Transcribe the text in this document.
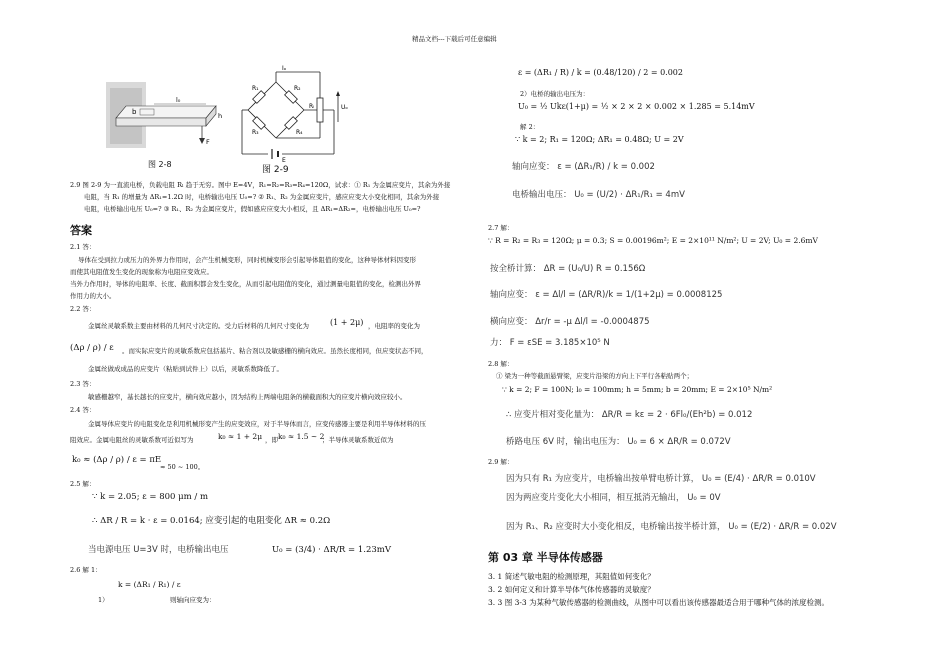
精品文档---下载后可任意编辑
b
l₀
h
F
图 2-8
Iₒ
R₁	R₂
R₃	R₄
Rₗ	Uₒ
E
图 2-9
2.9 图 2-9 为一直流电桥，负载电阻 Rₗ 趋于无穷。图中 E=4V，R₁=R₂=R₃=R₄=120Ω，试求：① R₁ 为金属应变片，其余为外接
电阻，当 R₁ 的增量为 ΔR₁=1.2Ω 时，电桥输出电压 U₀=? ② R₁、R₂ 为金属应变片，感应应变大小变化相同，其余为外接
电阻，电桥输出电压 U₀=? ③ R₁、R₂ 为金属应变片，假如感应应变大小相反，且 ΔR₁=ΔR₂=，电桥输出电压 U₀=?
答案
2.1 答：
导体在受到拉力或压力的外界力作用时，会产生机械变形，同时机械变形会引起导体阻值的变化，这种导体材料因变形
而使其电阻值发生变化的现象称为电阻应变效应。
当外力作用时，导体的电阻率、长度、截面积都会发生变化，从而引起电阻值的变化，通过测量电阻值的变化，检测出外界
作用力的大小。
2.2 答：
金属丝灵敏系数主要由材料的几何尺寸决定的。受力后材料的几何尺寸变化为	(1 + 2μ) ，电阻率的变化为
(Δρ / ρ) / ε 。而实际应变片的灵敏系数应包括基片、粘合剂以及敏感栅的横向效应。虽然长度相同，但应变状态不同，
金属丝做成成品的应变片（粘贴到试件上）以后，灵敏系数降低了。
2.3 答：
敏感栅越窄，基长越长的应变片，横向效应越小，因为结构上两端电阻条的横截面积大的应变片横向效应较小。
2.4 答：
金属导体应变片的电阻变化是利用机械形变产生的应变效应，对于半导体而言，应变传感器主要是利用半导体材料的压
阻效应。金属电阻丝的灵敏系数可近似写为	k₀ ≈ 1 + 2μ ，即 k₀ ≈ 1.5 ~ 2
；半导体灵敏系数近似为
k₀ ≈ (Δρ / ρ) / ε = πE
≈ 50 ~ 100。
2.5 解：
∵ k = 2.05; ε = 800 μm / m
∴ ΔR / R = k · ε = 0.0164; 应变引起的电阻变化 ΔR ≈ 0.2Ω
当电源电压 U=3V 时，电桥输出电压	U₀ = (3/4) · ΔR/R = 1.23mV
2.6 解 1：
k = (ΔR₁ / R₁) / ε
1）	则轴向应变为：
ε = (ΔR₁ / R) / k = (0.48/120) / 2 = 0.002
2）电桥的输出电压为：
U₀ = ½ Ukε(1+μ) = ½ × 2 × 2 × 0.002 × 1.285 = 5.14mV
解 2：
∵ k = 2; R₁ = 120Ω; ΔR₁ = 0.48Ω; U = 2V
轴向应变： ε = (ΔR₁/R) / k = 0.002
电桥输出电压： U₀ = (U/2) · ΔR₁/R₁ = 4mV
2.7 解：
∵ R = R₂ = R₃ = 120Ω; μ = 0.3; S = 0.00196m²; E = 2×10¹¹ N/m²; U = 2V; U₀ = 2.6mV
按全桥计算： ΔR = (U₀/U) R = 0.156Ω
轴向应变： ε = Δl/l = (ΔR/R)/k = 1/(1+2μ) = 0.0008125
横向应变： Δr/r = -μ Δl/l = -0.0004875
力： F = εSE = 3.185×10⁵ N
2.8 解：
① 梁为一种等截面悬臂梁，应变片沿梁的方向上下平行各粘贴两个；
∵ k = 2; F = 100N; l₀ = 100mm; h = 5mm; b = 20mm; E = 2×10⁵ N/m²
∴ 应变片相对变化量为： ΔR/R = kε = 2 · 6Fl₀/(Eh²b) = 0.012
桥路电压 6V 时，输出电压为： U₀ = 6 × ΔR/R = 0.072V
2.9 解：
因为只有 R₁ 为应变片，电桥输出按单臂电桥计算， U₀ = (E/4) · ΔR/R = 0.010V
因为两应变片变化大小相同，相互抵消无输出， U₀ = 0V
因为 R₁、R₂ 应变时大小变化相反，电桥输出按半桥计算， U₀ = (E/2) · ΔR/R = 0.02V
第 03 章 半导体传感器
3. 1 简述气敏电阻的检测原理，其阻值如何变化？
3. 2 如何定义和计算半导体气体传感器的灵敏度？
3. 3 图 3-3 为某种气敏传感器的检测曲线，从图中可以看出该传感器最适合用于哪种气体的浓度检测。
